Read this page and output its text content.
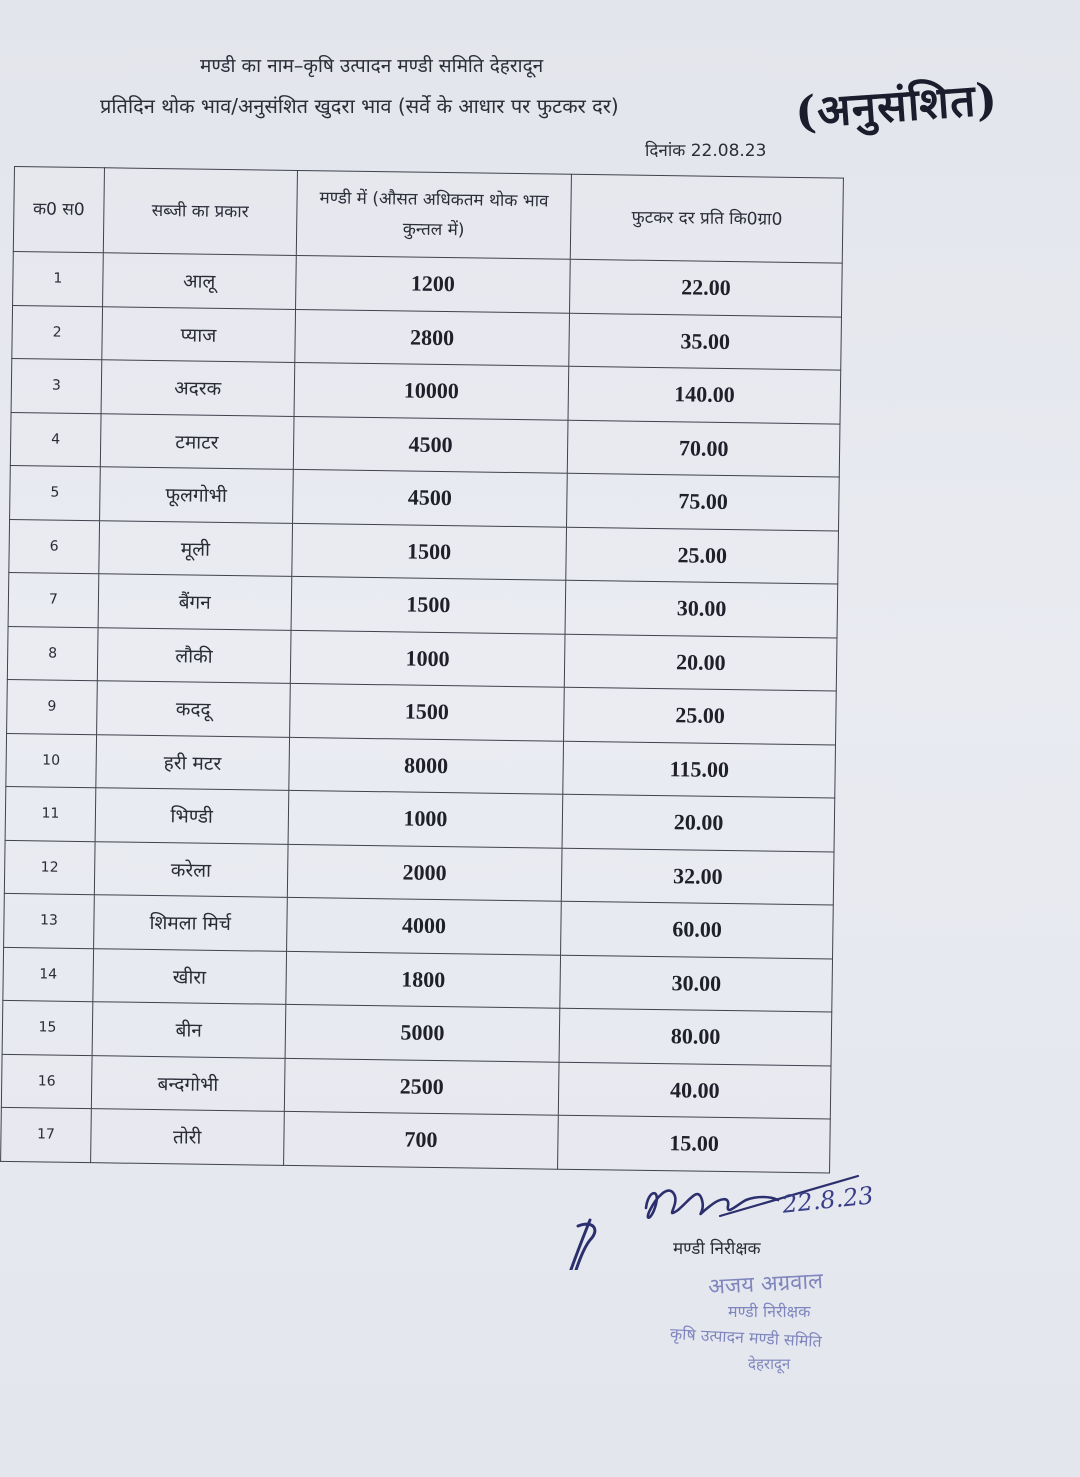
मण्डी का नाम–कृषि उत्पादन मण्डी समिति देहरादून
प्रतिदिन थोक भाव/अनुसंशित खुदरा भाव (सर्वे के आधार पर फुटकर दर)
दिनांक 22.08.23
(अनुसंशित)
क0 स0	सब्जी का प्रकार	मण्डी में (औसत अधिकतम थोक भाव कुन्तल में)	फुटकर दर प्रति कि0ग्रा0
1	आलू	1200	22.00
2	प्याज	2800	35.00
3	अदरक	10000	140.00
4	टमाटर	4500	70.00
5	फूलगोभी	4500	75.00
6	मूली	1500	25.00
7	बैंगन	1500	30.00
8	लौकी	1000	20.00
9	कददू	1500	25.00
10	हरी मटर	8000	115.00
11	भिण्डी	1000	20.00
12	करेला	2000	32.00
13	शिमला मिर्च	4000	60.00
14	खीरा	1800	30.00
15	बीन	5000	80.00
16	बन्दगोभी	2500	40.00
17	तोरी	700	15.00
22.8.23
मण्डी निरीक्षक
अजय अग्रवाल
मण्डी निरीक्षक
कृषि उत्पादन मण्डी समिति
देहरादून
